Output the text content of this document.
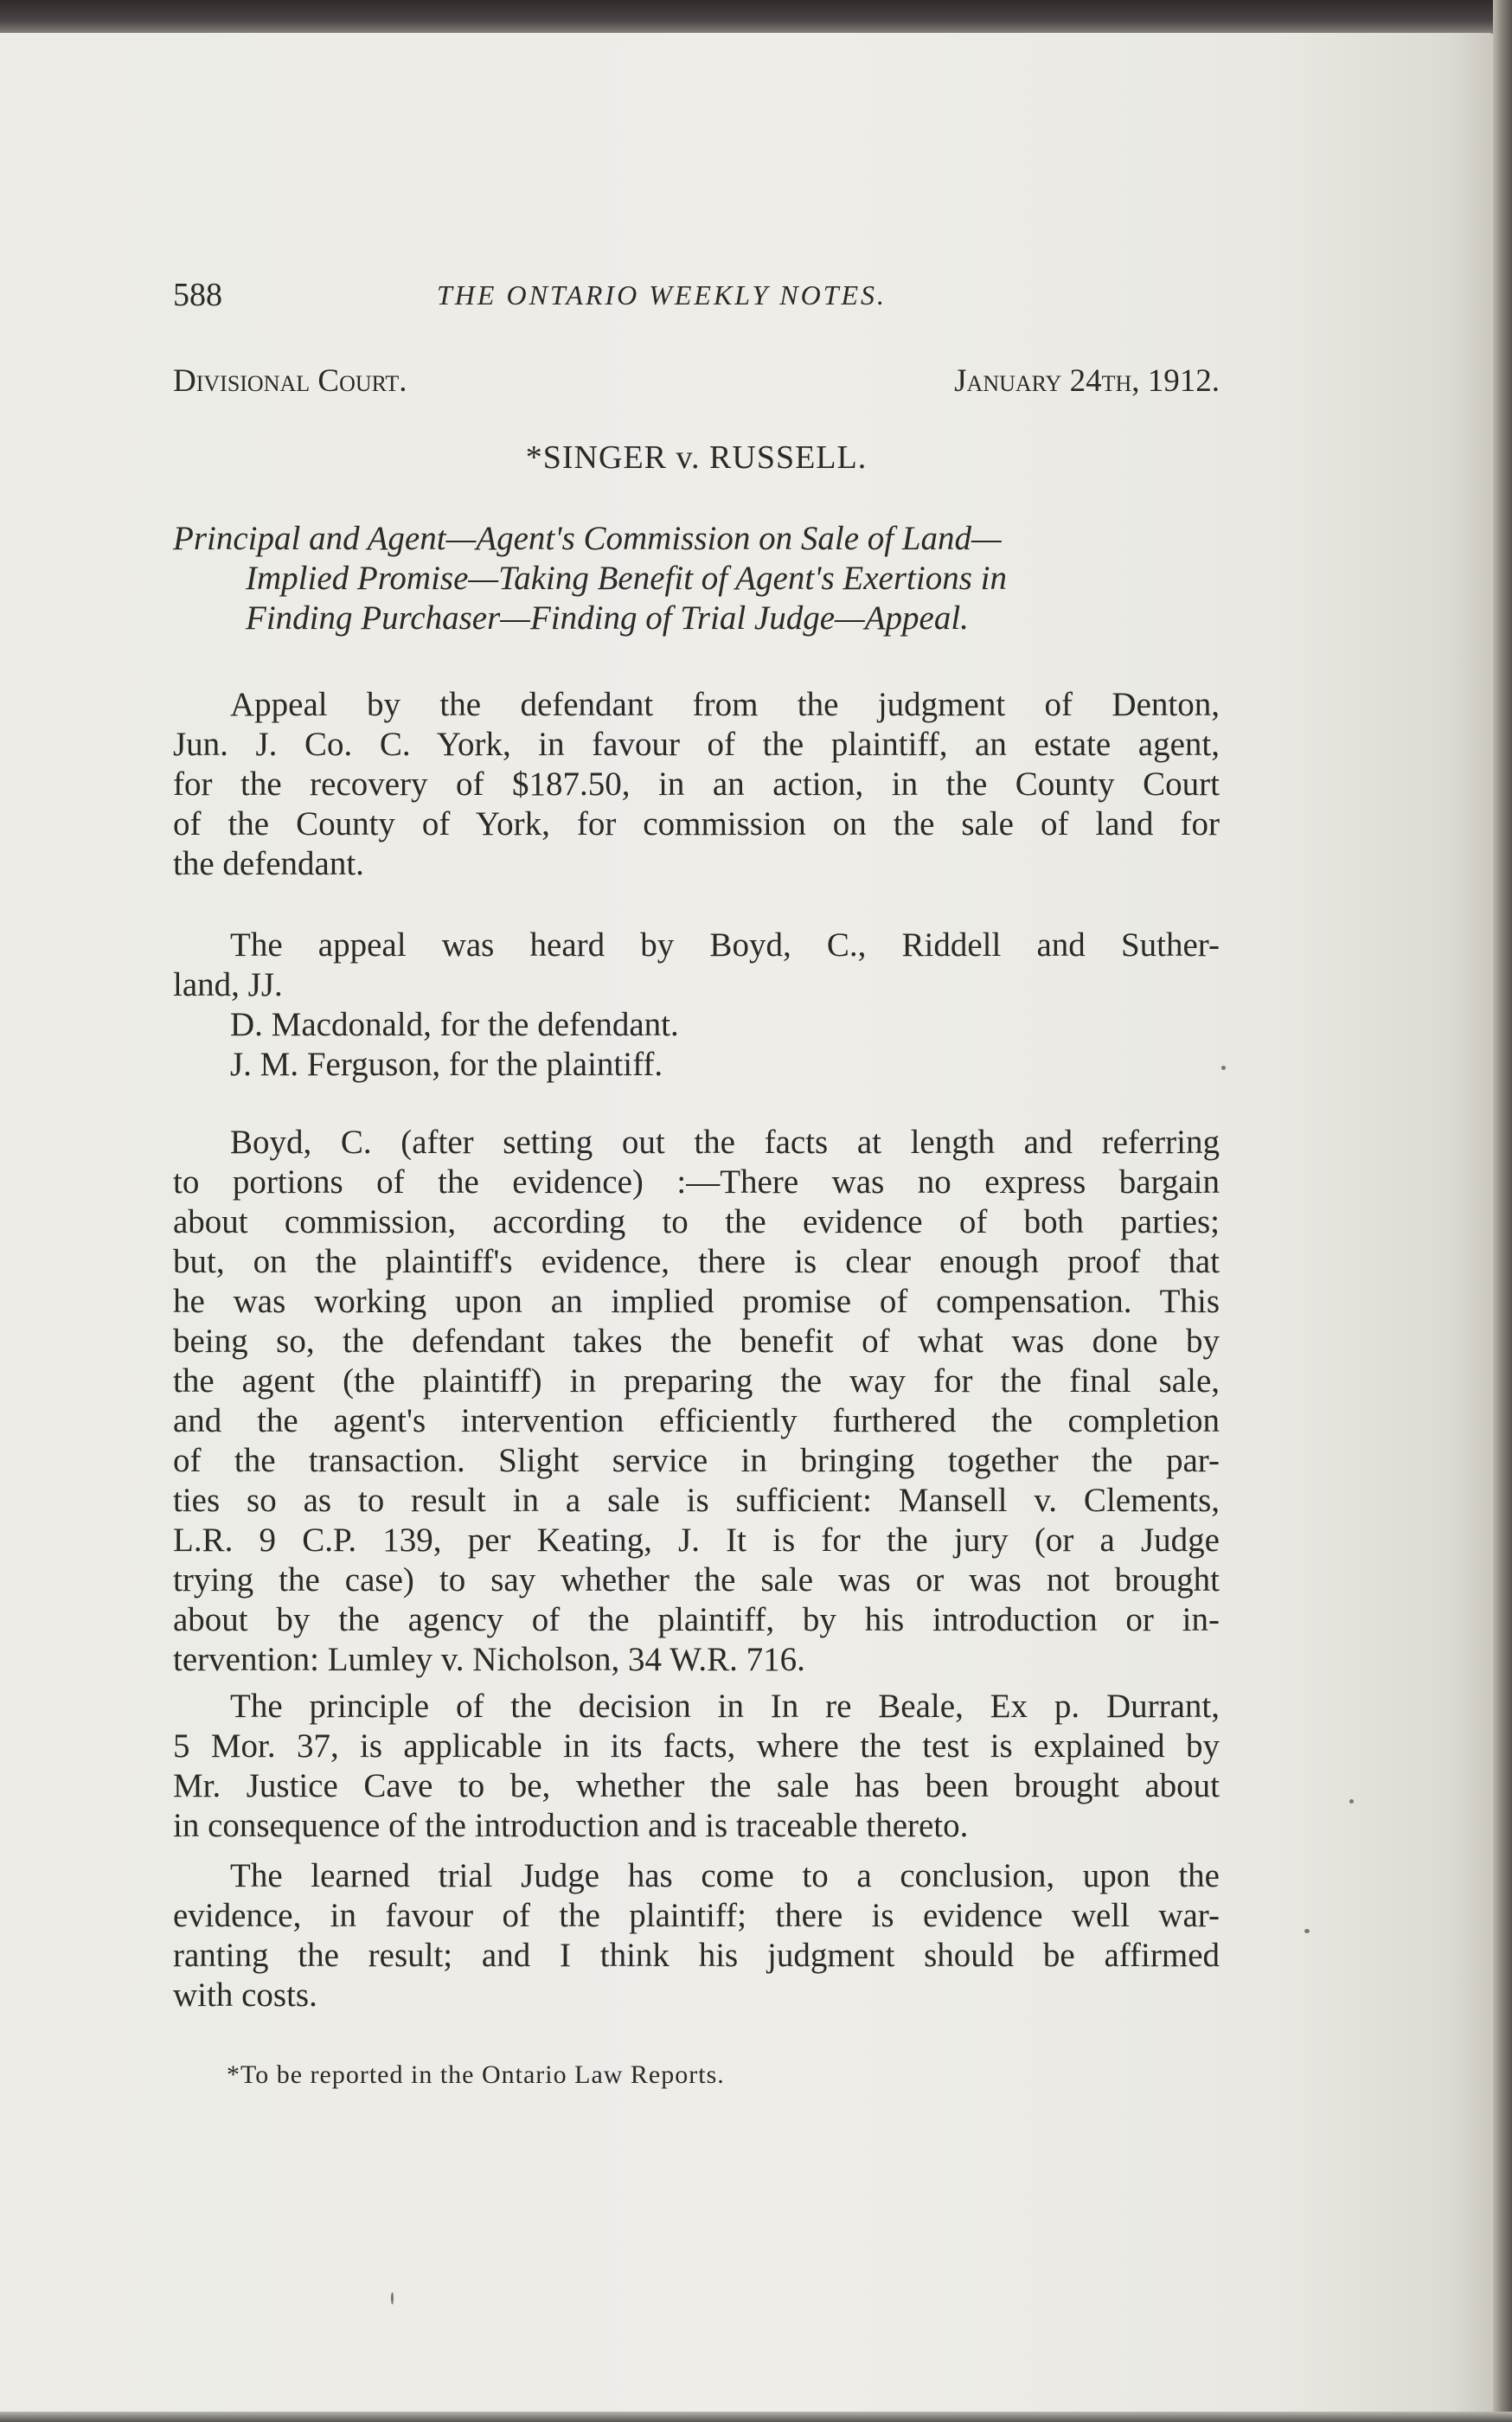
588	THE ONTARIO WEEKLY NOTES.
Divisional Court.	January 24th, 1912.
*SINGER v. RUSSELL.
Principal and Agent—Agent's Commission on Sale of Land—
Implied Promise—Taking Benefit of Agent's Exertions in
Finding Purchaser—Finding of Trial Judge—Appeal.
Appeal by the defendant from the judgment of Denton,
Jun. J. Co. C. York, in favour of the plaintiff, an estate agent,
for the recovery of $187.50, in an action, in the County Court
of the County of York, for commission on the sale of land for
the defendant.
The appeal was heard by Boyd, C., Riddell and Suther-
land, JJ.
D. Macdonald, for the defendant.
J. M. Ferguson, for the plaintiff.
Boyd, C. (after setting out the facts at length and referring
to portions of the evidence) :—There was no express bargain
about commission, according to the evidence of both parties;
but, on the plaintiff's evidence, there is clear enough proof that
he was working upon an implied promise of compensation. This
being so, the defendant takes the benefit of what was done by
the agent (the plaintiff) in preparing the way for the final sale,
and the agent's intervention efficiently furthered the completion
of the transaction. Slight service in bringing together the par-
ties so as to result in a sale is sufficient: Mansell v. Clements,
L.R. 9 C.P. 139, per Keating, J. It is for the jury (or a Judge
trying the case) to say whether the sale was or was not brought
about by the agency of the plaintiff, by his introduction or in-
tervention: Lumley v. Nicholson, 34 W.R. 716.
The principle of the decision in In re Beale, Ex p. Durrant,
5 Mor. 37, is applicable in its facts, where the test is explained by
Mr. Justice Cave to be, whether the sale has been brought about
in consequence of the introduction and is traceable thereto.
The learned trial Judge has come to a conclusion, upon the
evidence, in favour of the plaintiff; there is evidence well war-
ranting the result; and I think his judgment should be affirmed
with costs.
*To be reported in the Ontario Law Reports.
